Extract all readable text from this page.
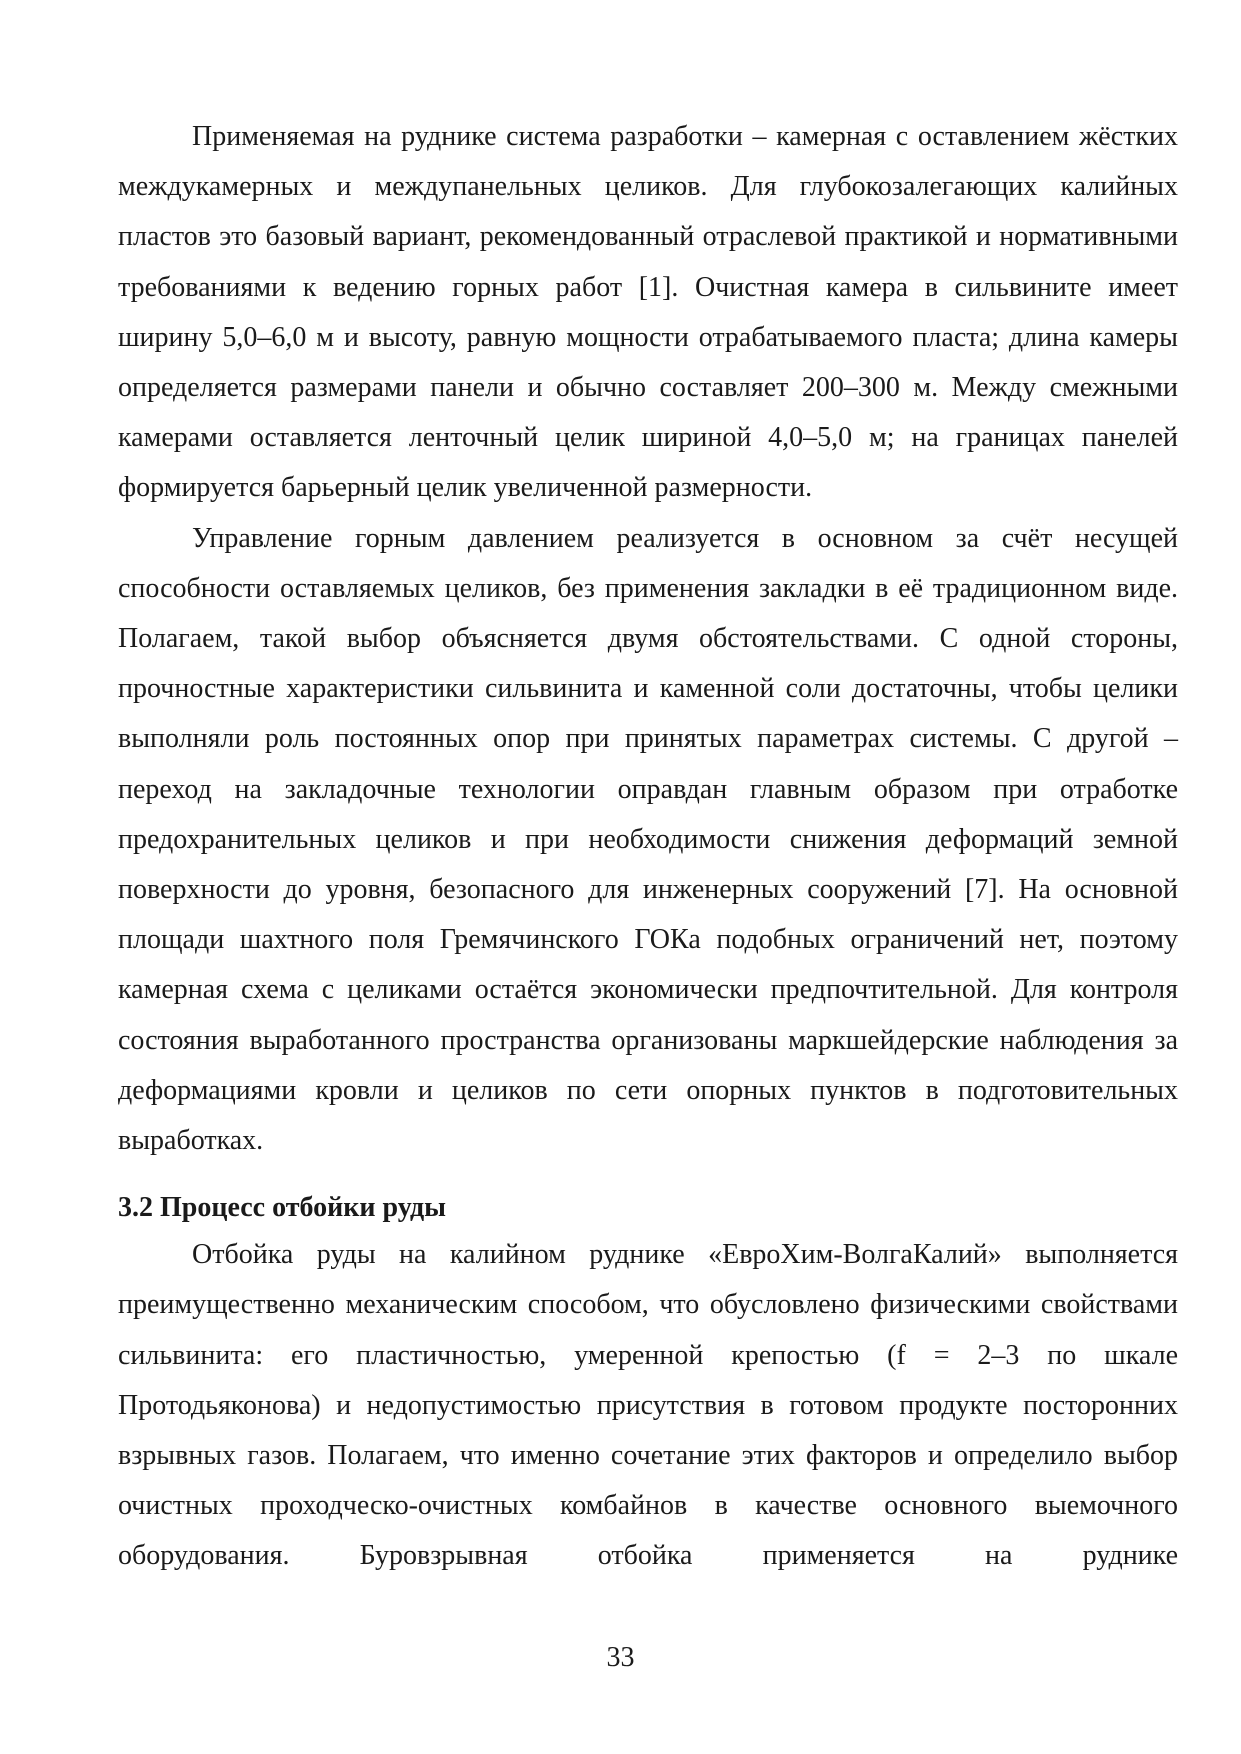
Применяемая на руднике система разработки – камерная с оставлением жёстких междукамерных и междупанельных целиков. Для глубокозалегающих калийных пластов это базовый вариант, рекомендованный отраслевой практикой и нормативными требованиями к ведению горных работ [1]. Очистная камера в сильвините имеет ширину 5,0–6,0 м и высоту, равную мощности отрабатываемого пласта; длина камеры определяется размерами панели и обычно составляет 200–300 м. Между смежными камерами оставляется ленточный целик шириной 4,0–5,0 м; на границах панелей формируется барьерный целик увеличенной размерности.

Управление горным давлением реализуется в основном за счёт несущей способности оставляемых целиков, без применения закладки в её традиционном виде. Полагаем, такой выбор объясняется двумя обстоятельствами. С одной стороны, прочностные характеристики сильвинита и каменной соли достаточны, чтобы целики выполняли роль постоянных опор при принятых параметрах системы. С другой – переход на закладочные технологии оправдан главным образом при отработке предохранительных целиков и при необходимости снижения деформаций земной поверхности до уровня, безопасного для инженерных сооружений [7]. На основной площади шахтного поля Гремячинского ГОКа подобных ограничений нет, поэтому камерная схема с целиками остаётся экономически предпочтительной. Для контроля состояния выработанного пространства организованы маркшейдерские наблюдения за деформациями кровли и целиков по сети опорных пунктов в подготовительных выработках.

3.2 Процесс отбойки руды

Отбойка руды на калийном руднике «ЕвроХим-ВолгаКалий» выполняется преимущественно механическим способом, что обусловлено физическими свойствами сильвинита: его пластичностью, умеренной крепостью (f = 2–3 по шкале Протодьяконова) и недопустимостью присутствия в готовом продукте посторонних взрывных газов. Полагаем, что именно сочетание этих факторов и определило выбор очистных проходческо-очистных комбайнов в качестве основного выемочного оборудования. Буровзрывная отбойка применяется на руднике

33
